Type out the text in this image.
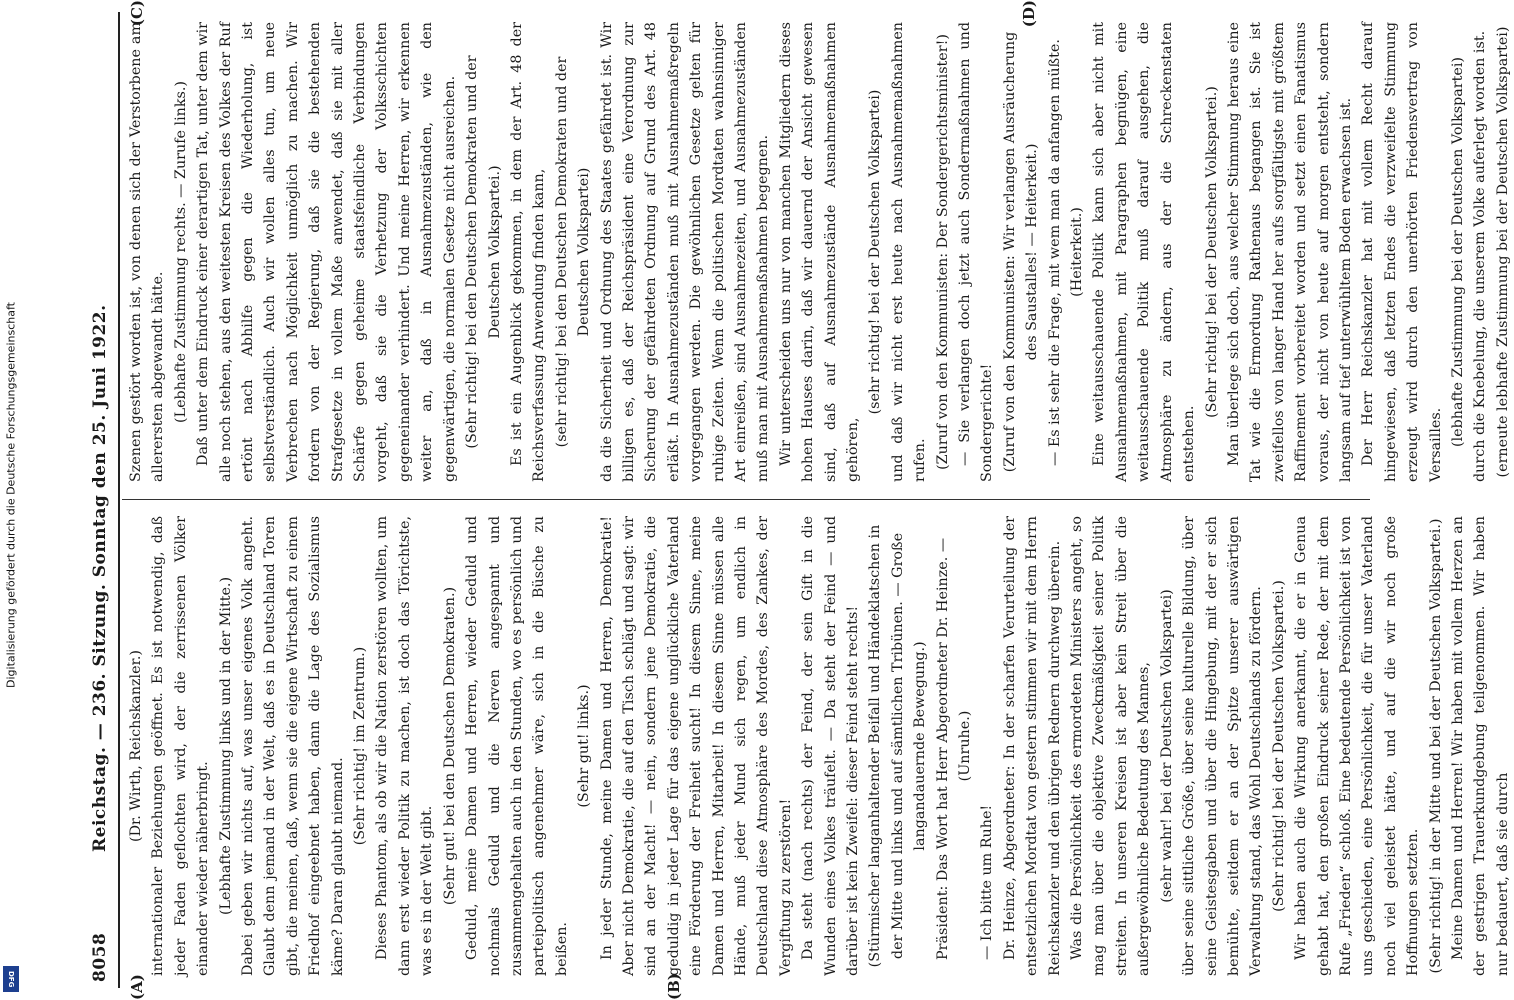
Digitalisierung gefördert durch die Deutsche Forschungsgemeinschaft
DFG	8058
Reichstag. — 236. Sitzung. Sonntag den 25. Juni 1922.
(A)	(B)
(C)	(D)

(Dr. Wirth, Reichskanzler.) internationaler Beziehungen geöffnet. Es ist notwendig, daß jeder Faden geflochten wird, der die zerrissenen Völker einander wieder näherbringt. (Lebhafte Zustimmung links und in der Mitte.) Dabei geben wir nichts auf, was unser eigenes Volk angeht. Glaubt denn jemand in der Welt, daß es in Deutschland Toren gibt, die meinen, daß, wenn sie die eigene Wirtschaft zu einem Friedhof eingeebnet haben, dann die Lage des Sozialismus käme? Daran glaubt niemand.

(Sehr richtig! im Zentrum.) Dieses Phantom, als ob wir die Nation zerstören wollten, um dann erst wieder Politik zu machen, ist doch das Törichtste, was es in der Welt gibt. (Sehr gut! bei den Deutschen Demokraten.) Geduld, meine Damen und Herren, wieder Geduld und nochmals Geduld und die Nerven angespannt und zusammengehalten auch in den Stunden, wo es persönlich und parteipolitisch angenehmer wäre, sich in die Büsche zu beißen.

(Sehr gut! links.) In jeder Stunde, meine Damen und Herren, Demokratie! Aber nicht Demokratie, die auf den Tisch schlägt und sagt: wir sind an der Macht! — nein, sondern jene Demokratie, die geduldig in jeder Lage für das eigene unglückliche Vaterland eine Förderung der Freiheit sucht! In diesem Sinne, meine Damen und Herren, Mitarbeit! In diesem Sinne müssen alle Hände, muß jeder Mund sich regen, um endlich in Deutschland diese Atmosphäre des Mordes, des Zankes, der Vergiftung zu zerstören! Da steht (nach rechts) der Feind, der sein Gift in die Wunden eines Volkes träufelt. — Da steht der Feind — und darüber ist kein Zweifel: dieser Feind steht rechts! (Stürmischer langanhaltender Beifall und Händeklatschen in der Mitte und links und auf sämtlichen Tribünen. — Große langandauernde Bewegung.) Präsident: Das Wort hat Herr Abgeordneter Dr. Heinze. — (Unruhe.)

— Ich bitte um Ruhe! Dr. Heinze, Abgeordneter: In der scharfen Verurteilung der entsetzlichen Mordtat von gestern stimmen wir mit dem Herrn Reichskanzler und den übrigen Rednern durchweg überein. Was die Persönlichkeit des ermordeten Ministers angeht, so mag man über die objektive Zweckmäßigkeit seiner Politik streiten. In unseren Kreisen ist aber kein Streit über die außergewöhnliche Bedeutung des Mannes, (sehr wahr! bei der Deutschen Volkspartei) über seine sittliche Größe, über seine kulturelle Bildung, über seine Geistesgaben und über die Hingebung, mit der er sich bemühte, seitdem er an der Spitze unserer auswärtigen Verwaltung stand, das Wohl Deutschlands zu fördern. (Sehr richtig! bei der Deutschen Volkspartei.) Wir haben auch die Wirkung anerkannt, die er in Genua gehabt hat, den großen Eindruck seiner Rede, der mit dem Rufe „Frieden“ schloß. Eine bedeutende Persönlichkeit ist von uns geschieden, eine Persönlichkeit, die für unser Vaterland noch viel geleistet hätte, und auf die wir noch große Hoffnungen setzten. (Sehr richtig! in der Mitte und bei der Deutschen Volkspartei.) Meine Damen und Herren! Wir haben mit vollem Herzen an der gestrigen Trauerkundgebung teilgenommen. Wir haben nur bedauert, daß sie durch

Szenen gestört worden ist, von denen sich der Verstorbene am allerersten abgewandt hätte. (Lebhafte Zustimmung rechts. — Zurufe links.) Daß unter dem Eindruck einer derartigen Tat, unter dem wir alle noch stehen, aus den weitesten Kreisen des Volkes der Ruf ertönt nach Abhilfe gegen die Wiederholung, ist selbstverständlich. Auch wir wollen alles tun, um neue Verbrechen nach Möglichkeit unmöglich zu machen. Wir fordern von der Regierung, daß sie die bestehenden Strafgesetze in vollem Maße anwendet, daß sie mit aller Schärfe gegen geheime staatsfeindliche Verbindungen vorgeht, daß sie die Verhetzung der Volksschichten gegeneinander verhindert. Und meine Herren, wir erkennen weiter an, daß in Ausnahmezuständen, wie den gegenwärtigen, die normalen Gesetze nicht ausreichen. (Sehr richtig! bei den Deutschen Demokraten und der Deutschen Volkspartei.) Es ist ein Augenblick gekommen, in dem der Art. 48 der Reichsverfassung Anwendung finden kann, (sehr richtig! bei den Deutschen Demokraten und der Deutschen Volkspartei) da die Sicherheit und Ordnung des Staates gefährdet ist. Wir billigen es, daß der Reichspräsident eine Verordnung zur Sicherung der gefährdeten Ordnung auf Grund des Art. 48 erläßt. In Ausnahmezuständen muß mit Ausnahmemaßregeln vorgegangen werden. Die gewöhnlichen Gesetze gelten für ruhige Zeiten. Wenn die politischen Mordtaten wahnsinniger Art einreißen, sind Ausnahmezeiten, und Ausnahmezuständen muß man mit Ausnahmemaßnahmen begegnen. Wir unterscheiden uns nur von manchen Mitgliedern dieses hohen Hauses darin, daß wir dauernd der Ansicht gewesen sind, daß auf Ausnahmezustände Ausnahmemaßnahmen gehören,

(sehr richtig! bei der Deutschen Volkspartei) und daß wir nicht erst heute nach Ausnahmemaßnahmen rufen. (Zuruf von den Kommunisten: Der Sondergerichtsminister!) — Sie verlangen doch jetzt auch Sondermaßnahmen und Sondergerichte! (Zuruf von den Kommunisten: Wir verlangen Ausräucherung des Saustalles! — Heiterkeit.) — Es ist sehr die Frage, mit wem man da anfangen müßte. (Heiterkeit.) Eine weitausschauende Politik kann sich aber nicht mit Ausnahmemaßnahmen, mit Paragraphen begnügen, eine weitausschauende Politik muß darauf ausgehen, die Atmosphäre zu ändern, aus der die Schreckenstaten entstehen.

(Sehr richtig! bei der Deutschen Volkspartei.) Man überlege sich doch, aus welcher Stimmung heraus eine Tat wie die Ermordung Rathenaus begangen ist. Sie ist zweifellos von langer Hand her aufs sorgfältigste mit größtem Raffinement vorbereitet worden und setzt einen Fanatismus voraus, der nicht von heute auf morgen entsteht, sondern langsam auf tief unterwühltem Boden erwachsen ist. Der Herr Reichskanzler hat mit vollem Recht darauf hingewiesen, daß letzten Endes die verzweifelte Stimmung erzeugt wird durch den unerhörten Friedensvertrag von Versailles. (lebhafte Zustimmung bei der Deutschen Volkspartei) durch die Knebelung, die unserem Volke auferlegt worden ist. (erneute lebhafte Zustimmung bei der Deutschen Volkspartei)
